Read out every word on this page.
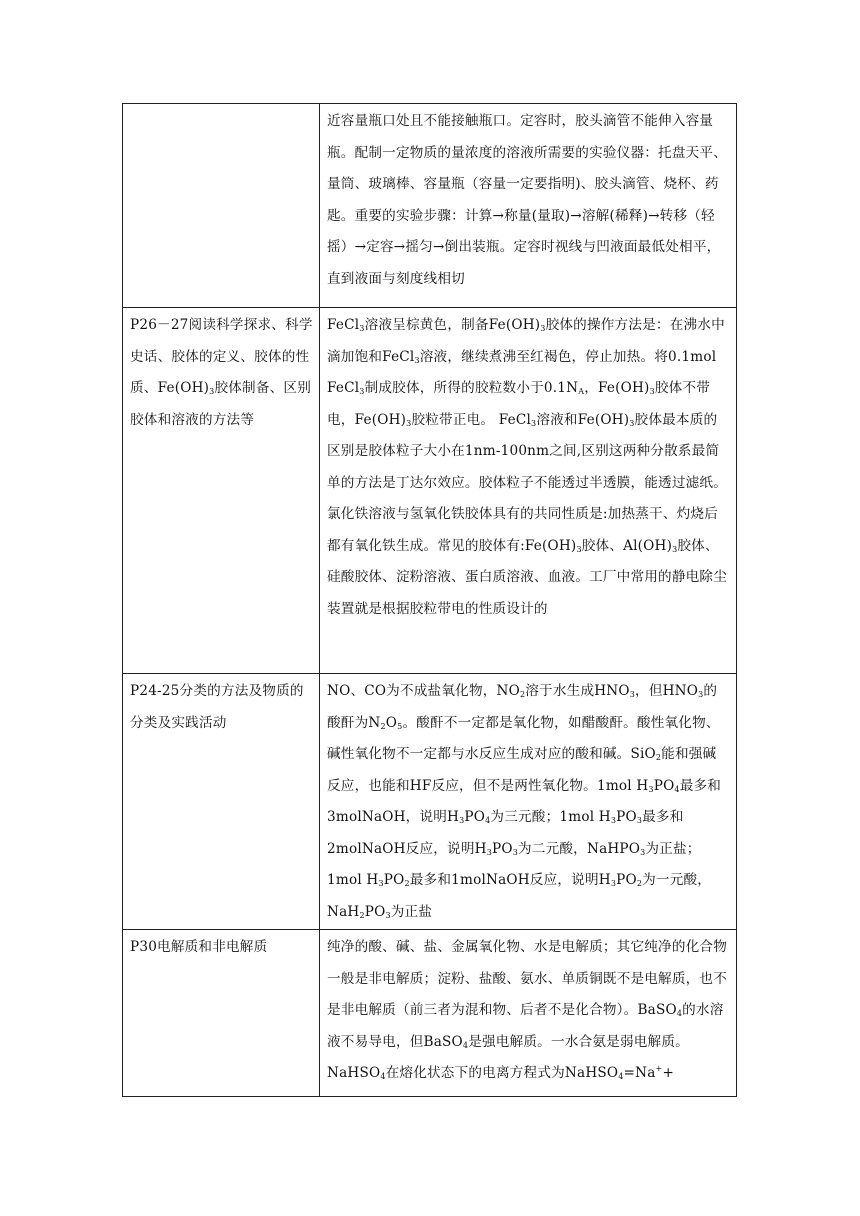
	近容量瓶口处且不能接触瓶口。定容时，胶头滴管不能伸入容量瓶。配制一定物质的量浓度的溶液所需要的实验仪器：托盘天平、量筒、玻璃棒、容量瓶（容量一定要指明)、胶头滴管、烧杯、药匙。重要的实验步骤：计算→称量(量取)→溶解(稀释)→转移（轻摇）→定容→摇匀→倒出装瓶。定容时视线与凹液面最低处相平，直到液面与刻度线相切
P26－27阅读科学探求、科学史话、胶体的定义、胶体的性质、$Fe(OH)_3$胶体制备、区别胶体和溶液的方法等	FeCl$_3$溶液呈棕黄色，制备$Fe(OH)_3$胶体的操作方法是：在沸水中滴加饱和FeCl$_3$溶液，继续煮沸至红褐色，停止加热。将0.1mol FeCl$_3$制成胶体，所得的胶粒数小于$0.1N_A$，$Fe(OH)_3$胶体不带电，$Fe(OH)_3$胶粒带正电。 FeCl$_3$溶液和$Fe(OH)_3$胶体最本质的区别是胶体粒子大小在1nm-100nm之间,区别这两种分散系最简单的方法是丁达尔效应。胶体粒子不能透过半透膜，能透过滤纸。氯化铁溶液与氢氧化铁胶体具有的共同性质是:加热蒸干、灼烧后都有氧化铁生成。常见的胶体有$:Fe(OH)_3$胶体、$Al(OH)_3$胶体、硅酸胶体、淀粉溶液、蛋白质溶液、血液。工厂中常用的静电除尘装置就是根据胶粒带电的性质设计的
P24-25分类的方法及物质的分类及实践活动	NO、CO为不成盐氧化物，$NO_2$溶于水生成$HNO_3$，但$HNO_3$的酸酐为$N_2O_5$。酸酐不一定都是氧化物，如醋酸酐。酸性氧化物、碱性氧化物不一定都与水反应生成对应的酸和碱。SiO$_2$能和强碱反应，也能和HF反应，但不是两性氧化物。1mol $H_3PO_4$最多和3molNaOH，说明$H_3PO_4$为三元酸；1mol $H_3PO_3$最多和2molNaOH反应，说明$H_3PO_3$为二元酸，NaHPO$_3$为正盐；1mol $H_3PO_2$最多和1molNaOH反应，说明$H_3PO_2$为一元酸，$NaH_2PO_3$为正盐
P30电解质和非电解质	纯净的酸、碱、盐、金属氧化物、水是电解质；其它纯净的化合物一般是非电解质；淀粉、盐酸、氨水、单质铜既不是电解质，也不是非电解质（前三者为混和物、后者不是化合物）。BaSO$_4$的水溶液不易导电，但BaSO$_4$是强电解质。一水合氨是弱电解质。NaHSO$_4$在熔化状态下的电离方程式为NaHSO$_4$=Na++
